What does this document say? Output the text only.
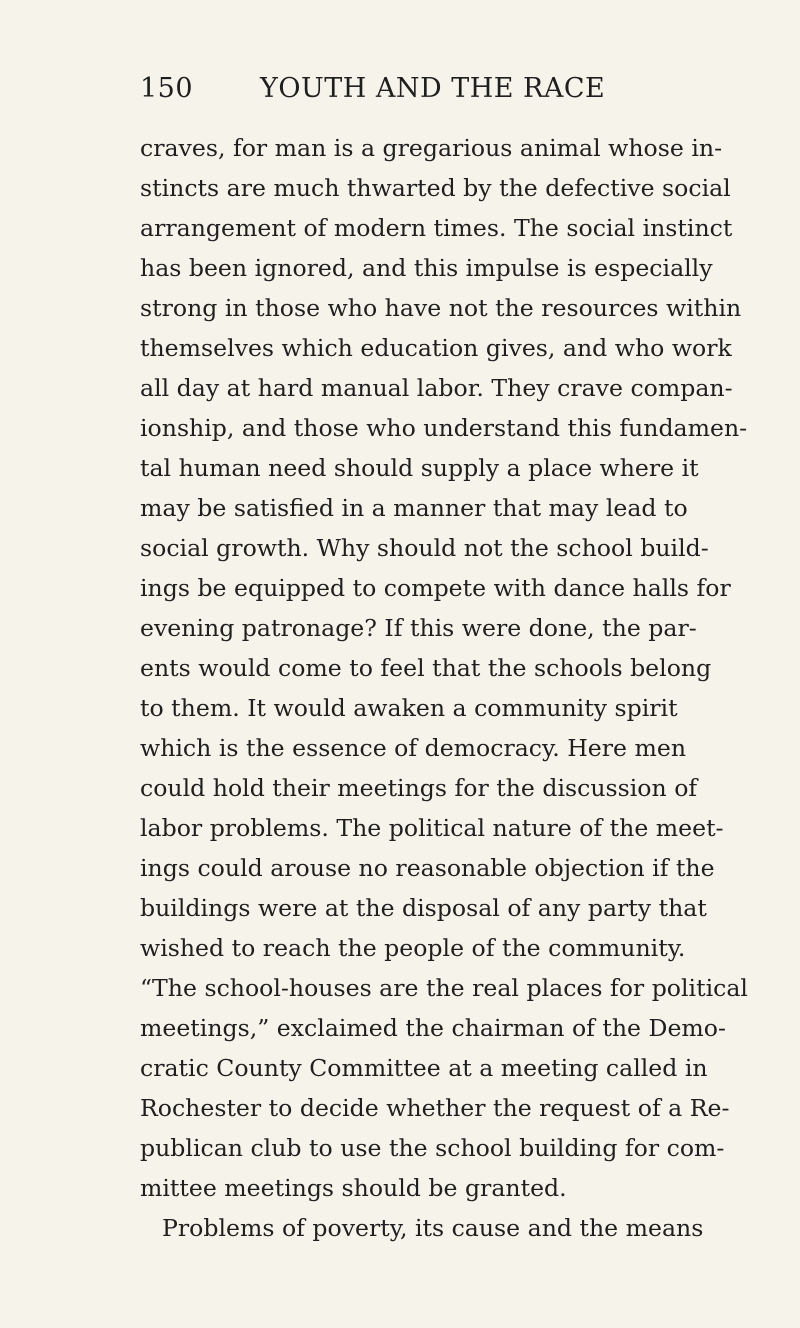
150 YOUTH AND THE RACE
craves, for man is a gregarious animal whose in-
stincts are much thwarted by the defective social
arrangement of modern times. The social instinct
has been ignored, and this impulse is especially
strong in those who have not the resources within
themselves which education gives, and who work
all day at hard manual labor. They crave compan-
ionship, and those who understand this fundamen-
tal human need should supply a place where it
may be satisfied in a manner that may lead to
social growth. Why should not the school build-
ings be equipped to compete with dance halls for
evening patronage? If this were done, the par-
ents would come to feel that the schools belong
to them. It would awaken a community spirit
which is the essence of democracy. Here men
could hold their meetings for the discussion of
labor problems. The political nature of the meet-
ings could arouse no reasonable objection if the
buildings were at the disposal of any party that
wished to reach the people of the community.
“The school-houses are the real places for political
meetings,” exclaimed the chairman of the Demo-
cratic County Committee at a meeting called in
Rochester to decide whether the request of a Re-
publican club to use the school building for com-
mittee meetings should be granted.
Problems of poverty, its cause and the means
